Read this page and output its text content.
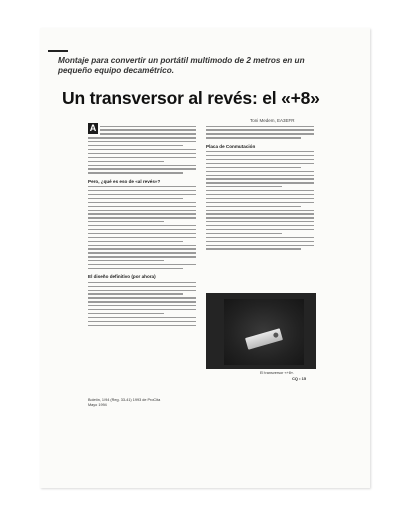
Montaje para convertir un portátil multimodo de 2 metros en un pequeño equipo decamétrico.
Un transversor al revés: el «+8»
Toni Medem, EA3EFR
A
Pero, ¿qué es eso de «al revés»?
El diseño definitivo (por ahora)
Placa de Conmutación
El transversor «+8».
Boletín, 1/94 (Reg. 33-41) 1993 de ProCita
Mayo 1994
CQ • 15
